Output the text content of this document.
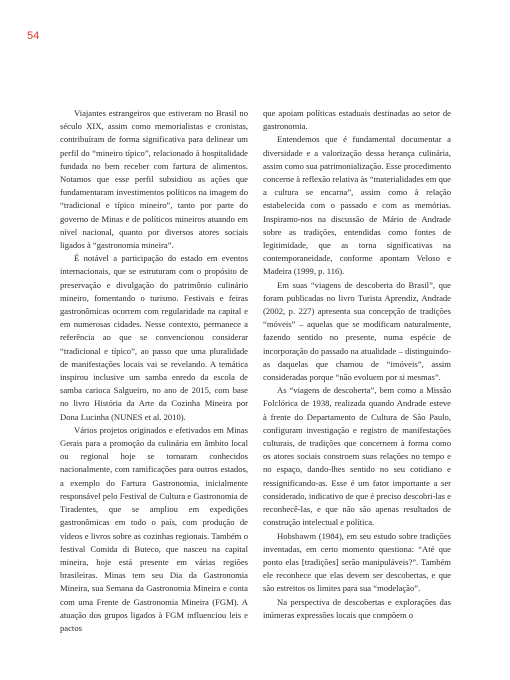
54

Viajantes estrangeiros que estiveram no Brasil no século XIX, assim como memorialistas e cronistas, contribuíram de forma significativa para delinear um perfil do “mineiro típico”, relacionado à hospitalidade fundada no bem receber com fartura de alimentos. Notamos que esse perfil subsidiou as ações que fundamentaram investimentos políticos na imagem do “tradicional e típico mineiro”, tanto por parte do governo de Minas e de políticos mineiros atuando em nível nacional, quanto por diversos atores sociais ligados à “gastronomia mineira”.

É notável a participação do estado em eventos internacionais, que se estruturam com o propósito de preservação e divulgação do patrimônio culinário mineiro, fomentando o turismo. Festivais e feiras gastronômicas ocorrem com regularidade na capital e em numerosas cidades. Nesse contexto, permanece a referência ao que se convencionou considerar “tradicional e típico”, ao passo que uma pluralidade de manifestações locais vai se revelando. A temática inspirou inclusive um samba enredo da escola de samba carioca Salgueiro, no ano de 2015, com base no livro História da Arte da Cozinha Mineira por Dona Lucinha (NUNES et al. 2010).

Vários projetos originados e efetivados em Minas Gerais para a promoção da culinária em âmbito local ou regional hoje se tornaram conhecidos nacionalmente, com ramificações para outros estados, a exemplo do Fartura Gastronomia, inicialmente responsável pelo Festival de Cultura e Gastronomia de Tiradentes, que se ampliou em expedições gastronômicas em todo o país, com produção de vídeos e livros sobre as cozinhas regionais. Também o festival Comida di Buteco, que nasceu na capital mineira, hoje está presente em várias regiões brasileiras. Minas tem seu Dia da Gastronomia Mineira, sua Semana da Gastronomia Mineira e conta com uma Frente de Gastronomia Mineira (FGM). A atuação dos grupos ligados à FGM influenciou leis e pactos

que apoiam políticas estaduais destinadas ao setor de gastronomia.

Entendemos que é fundamental documentar a diversidade e a valorização dessa herança culinária, assim como sua patrimonialização. Esse procedimento concerne à reflexão relativa às “materialidades em que a cultura se encarna”, assim como à relação estabelecida com o passado e com as memórias. Inspiramo-nos na discussão de Mário de Andrade sobre as tradições, entendidas como fontes de legitimidade, que as torna significativas na contemporaneidade, conforme apontam Veloso e Madeira (1999, p. 116).

Em suas “viagens de descoberta do Brasil”, que foram publicadas no livro Turista Aprendiz, Andrade (2002, p. 227) apresenta sua concepção de tradições “móveis” – aquelas que se modificam naturalmente, fazendo sentido no presente, numa espécie de incorporação do passado na atualidade – distinguindo-as daquelas que chamou de “imóveis”, assim consideradas porque “não evoluem por si mesmas”.

As “viagens de descoberta”, bem como a Missão Folclórica de 1938, realizada quando Andrade esteve à frente do Departamento de Cultura de São Paulo, configuram investigação e registro de manifestações culturais, de tradições que concernem à forma como os atores sociais constroem suas relações no tempo e no espaço, dando-lhes sentido no seu cotidiano e ressignificando-as. Esse é um fator importante a ser considerado, indicativo de que é preciso descobri-las e reconhecê-las, e que não são apenas resultados de construção intelectual e política.

Hobsbawm (1984), em seu estudo sobre tradições inventadas, em certo momento questiona: “Até que ponto elas [tradições] serão manipuláveis?”. Também ele reconhece que elas devem ser descobertas, e que são estreitos os limites para sua “modelação”.

Na perspectiva de descobertas e explorações das inúmeras expressões locais que compõem o
